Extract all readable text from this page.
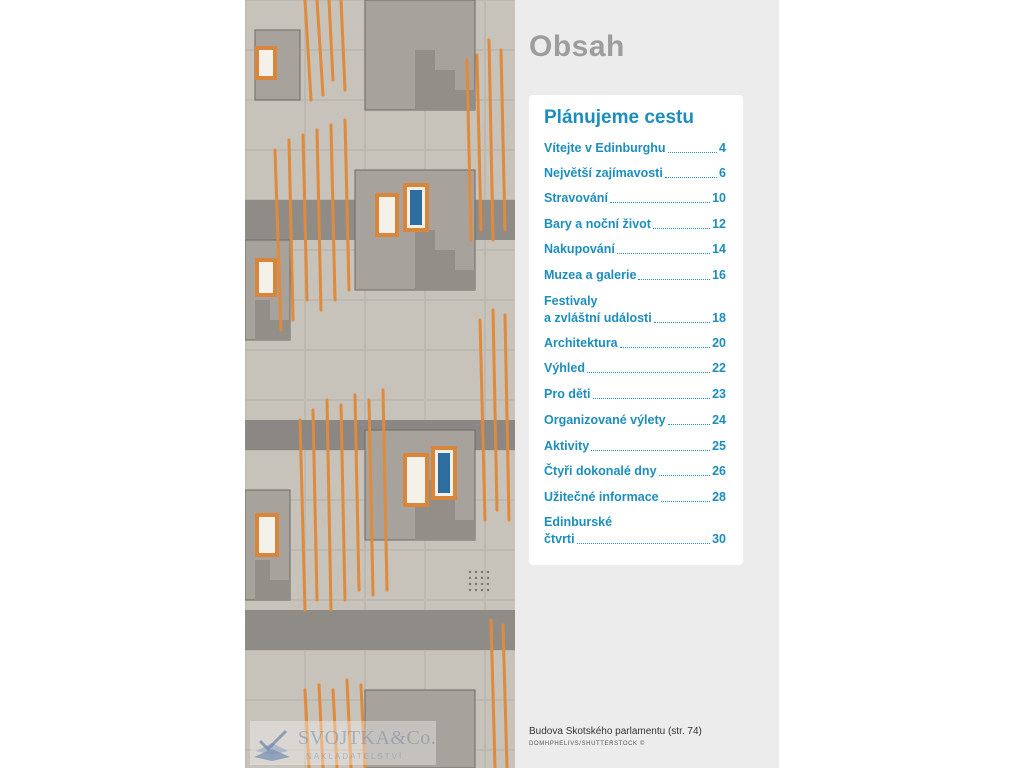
Obsah
Plánujeme cestu
Vítejte v Edinburghu	4
Největší zajímavosti	6
Stravování	10
Bary a noční život	12
Nakupování	14
Muzea a galerie	16
Festivaly
a zvláštní události	18
Architektura	20
Výhled	22
Pro děti	23
Organizované výlety	24
Aktivity	25
Čtyři dokonalé dny	26
Užitečné informace	28
Edinburské
čtvrti	30
Budova Skotského parlamentu (str. 74)
DOMHPHELIVS/SHUTTERSTOCK ©
SVOJTKA&Co.
NAKLADATELSTVÍ
